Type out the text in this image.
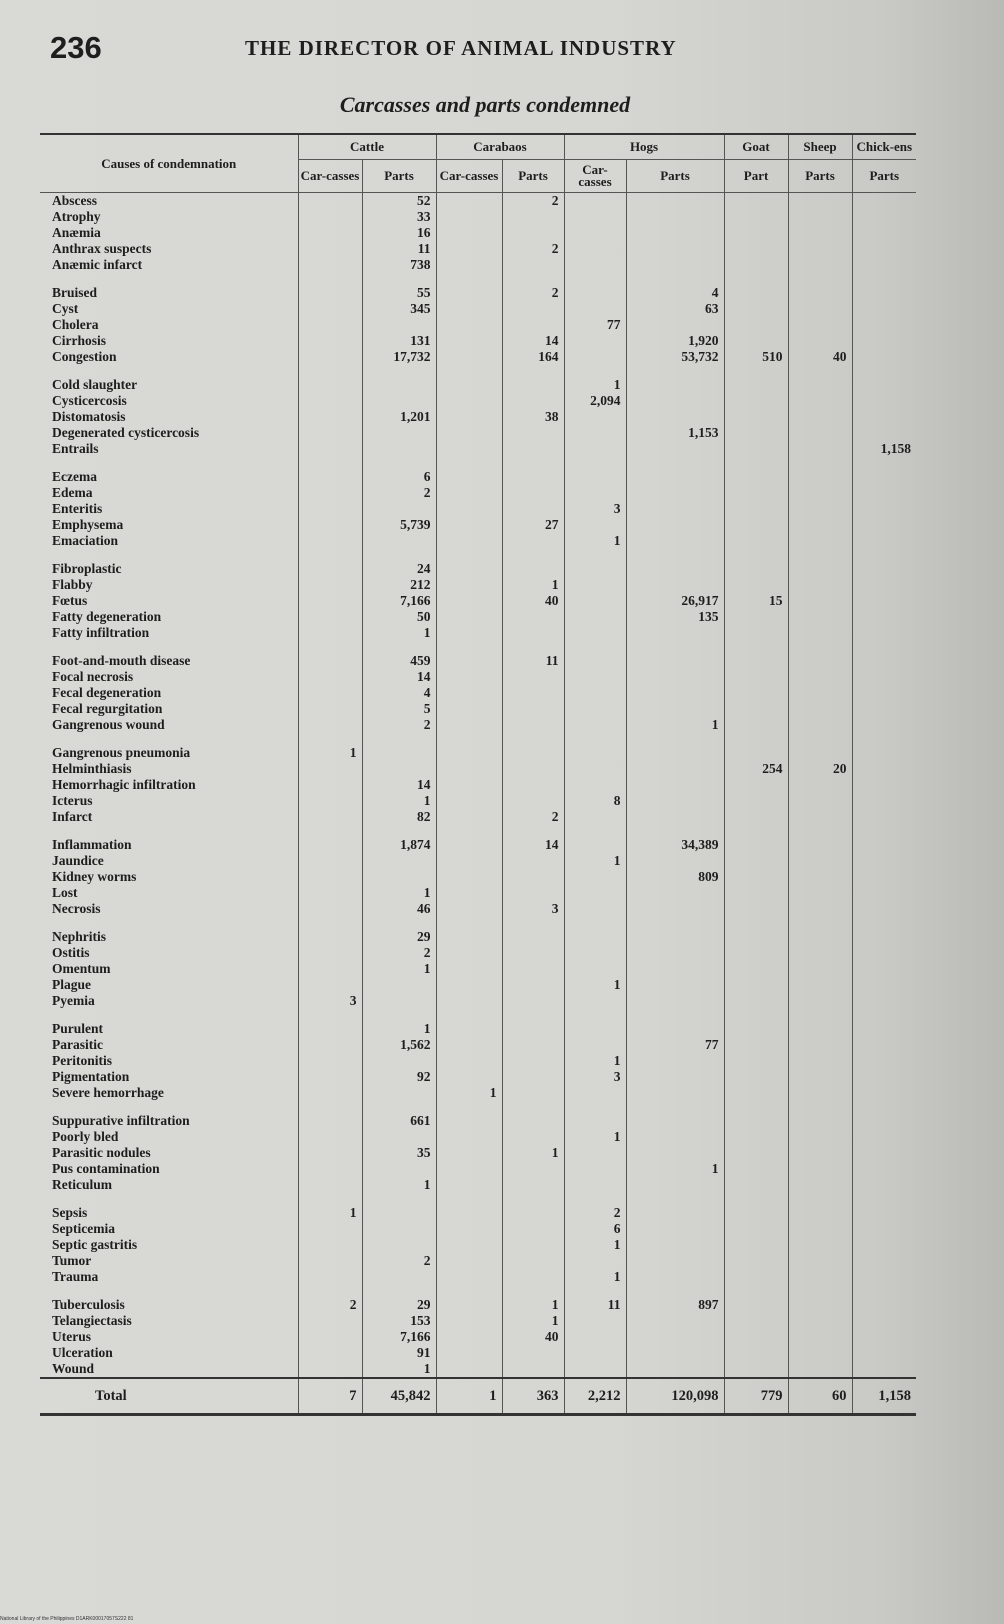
236	THE DIRECTOR OF ANIMAL INDUSTRY
Carcasses and parts condemned
Causes of condemnation	Cattle		Carabaos		Hogs		Goat	Sheep	Chick-ens
	Car-casses	Parts	Car-casses	Parts	Car-casses	Parts	Part	Parts	Parts
Abscess		52		2					
Atrophy		33							
Anæmia		16							
Anthrax suspects		11		2					
Anæmic infarct		738							

Bruised		55		2		4			
Cyst		345				63			
Cholera					77				
Cirrhosis		131		14		1,920			
Congestion		17,732		164		53,732	510	40	

Cold slaughter					1				
Cysticercosis					2,094				
Distomatosis		1,201		38					
Degenerated cysticercosis						1,153			
Entrails									1,158

Eczema		6							
Edema		2							
Enteritis					3				
Emphysema		5,739		27					
Emaciation					1				

Fibroplastic		24							
Flabby		212		1					
Fœtus		7,166		40		26,917	15		
Fatty degeneration		50				135			
Fatty infiltration		1							

Foot-and-mouth disease		459		11					
Focal necrosis		14							
Fecal degeneration		4							
Fecal regurgitation		5							
Gangrenous wound		2				1			

Gangrenous pneumonia	1								
Helminthiasis							254	20	
Hemorrhagic infiltration		14							
Icterus		1			8				
Infarct		82		2					

Inflammation		1,874		14		34,389			
Jaundice					1				
Kidney worms						809			
Lost		1							
Necrosis		46		3					

Nephritis		29							
Ostitis		2							
Omentum		1							
Plague					1				
Pyemia	3								

Purulent		1							
Parasitic		1,562				77			
Peritonitis					1				
Pigmentation		92			3				
Severe hemorrhage			1						

Suppurative infiltration		661							
Poorly bled					1				
Parasitic nodules		35		1					
Pus contamination						1			
Reticulum		1							

Sepsis	1				2				
Septicemia					6				
Septic gastritis					1				
Tumor		2							
Trauma					1				

Tuberculosis	2	29		1	11	897			
Telangiectasis		153		1					
Uterus		7,166		40					
Ulceration		91							
Wound		1							
Total	7	45,842	1	363	2,212	120,098	779	60	1,158
National Library of the Philippines D1ARK00017057S222 81
